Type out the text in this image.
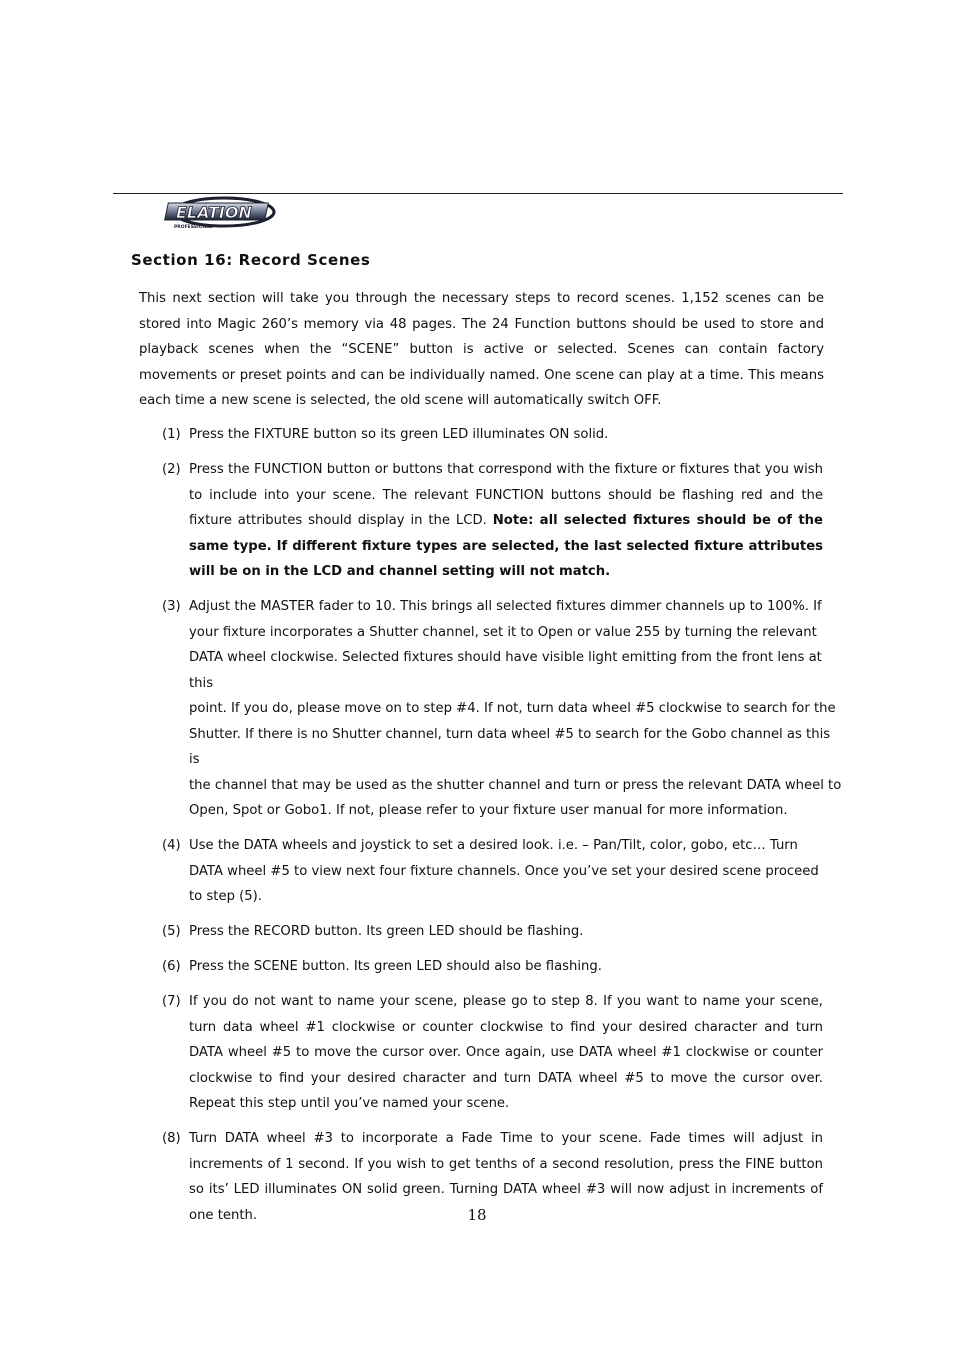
ELATION
PROFESSIONAL
Section 16: Record Scenes

This next section will take you through the necessary steps to record scenes. 1,152 scenes can be stored into Magic 260’s memory via 48 pages. The 24 Function buttons should be used to store and playback scenes when the “SCENE” button is active or selected. Scenes can contain factory movements or preset points and can be individually named. One scene can play at a time. This means each time a new scene is selected, the old scene will automatically switch OFF.

(1) Press the FIXTURE button so its green LED illuminates ON solid.
(2) Press the FUNCTION button or buttons that correspond with the fixture or fixtures that you wish to include into your scene. The relevant FUNCTION buttons should be flashing red and the fixture attributes should display in the LCD. Note: all selected fixtures should be of the same type. If different fixture types are selected, the last selected fixture attributes will be on in the LCD and channel setting will not match.
(3) Adjust the MASTER fader to 10. This brings all selected fixtures dimmer channels up to 100%. If
your fixture incorporates a Shutter channel, set it to Open or value 255 by turning the relevant
DATA wheel clockwise. Selected fixtures should have visible light emitting from the front lens at this
point. If you do, please move on to step #4. If not, turn data wheel #5 clockwise to search for the
Shutter. If there is no Shutter channel, turn data wheel #5 to search for the Gobo channel as this is
the channel that may be used as the shutter channel and turn or press the relevant DATA wheel to
Open, Spot or Gobo1. If not, please refer to your fixture user manual for more information.
(4) Use the DATA wheels and joystick to set a desired look. i.e. – Pan/Tilt, color, gobo, etc… Turn
DATA wheel #5 to view next four fixture channels. Once you’ve set your desired scene proceed
to step (5).
(5) Press the RECORD button. Its green LED should be flashing.
(6) Press the SCENE button. Its green LED should also be flashing.
(7) If you do not want to name your scene, please go to step 8. If you want to name your scene, turn data wheel #1 clockwise or counter clockwise to find your desired character and turn DATA wheel #5 to move the cursor over. Once again, use DATA wheel #1 clockwise or counter clockwise to find your desired character and turn DATA wheel #5 to move the cursor over. Repeat this step until you’ve named your scene.
(8) Turn DATA wheel #3 to incorporate a Fade Time to your scene. Fade times will adjust in increments of 1 second. If you wish to get tenths of a second resolution, press the FINE button so its’ LED illuminates ON solid green. Turning DATA wheel #3 will now adjust in increments of one tenth.	18
